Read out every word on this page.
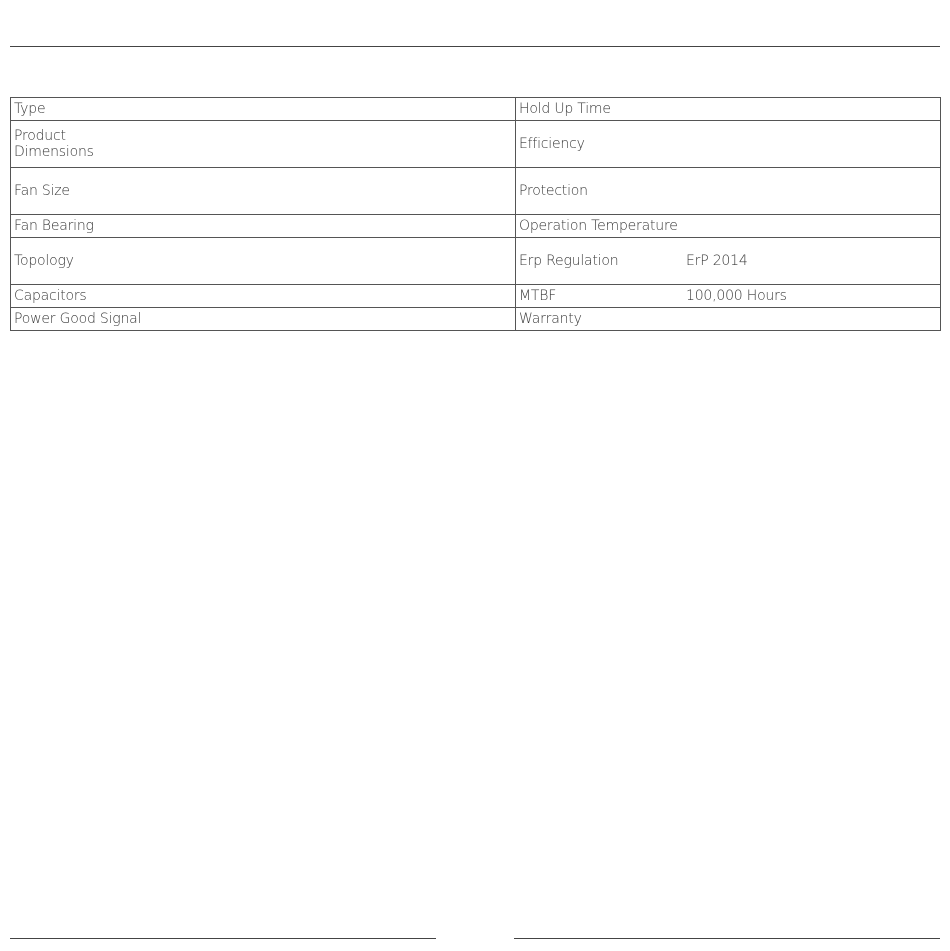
Type	Hold Up Time

Product
Dimensions	Efficiency
Fan Size	Protection
Fan Bearing	Operation Temperature
Topology	Erp Regulation ErP 2014

Capacitors	MTBF 100,000 Hours

Power Good Signal	Warranty
